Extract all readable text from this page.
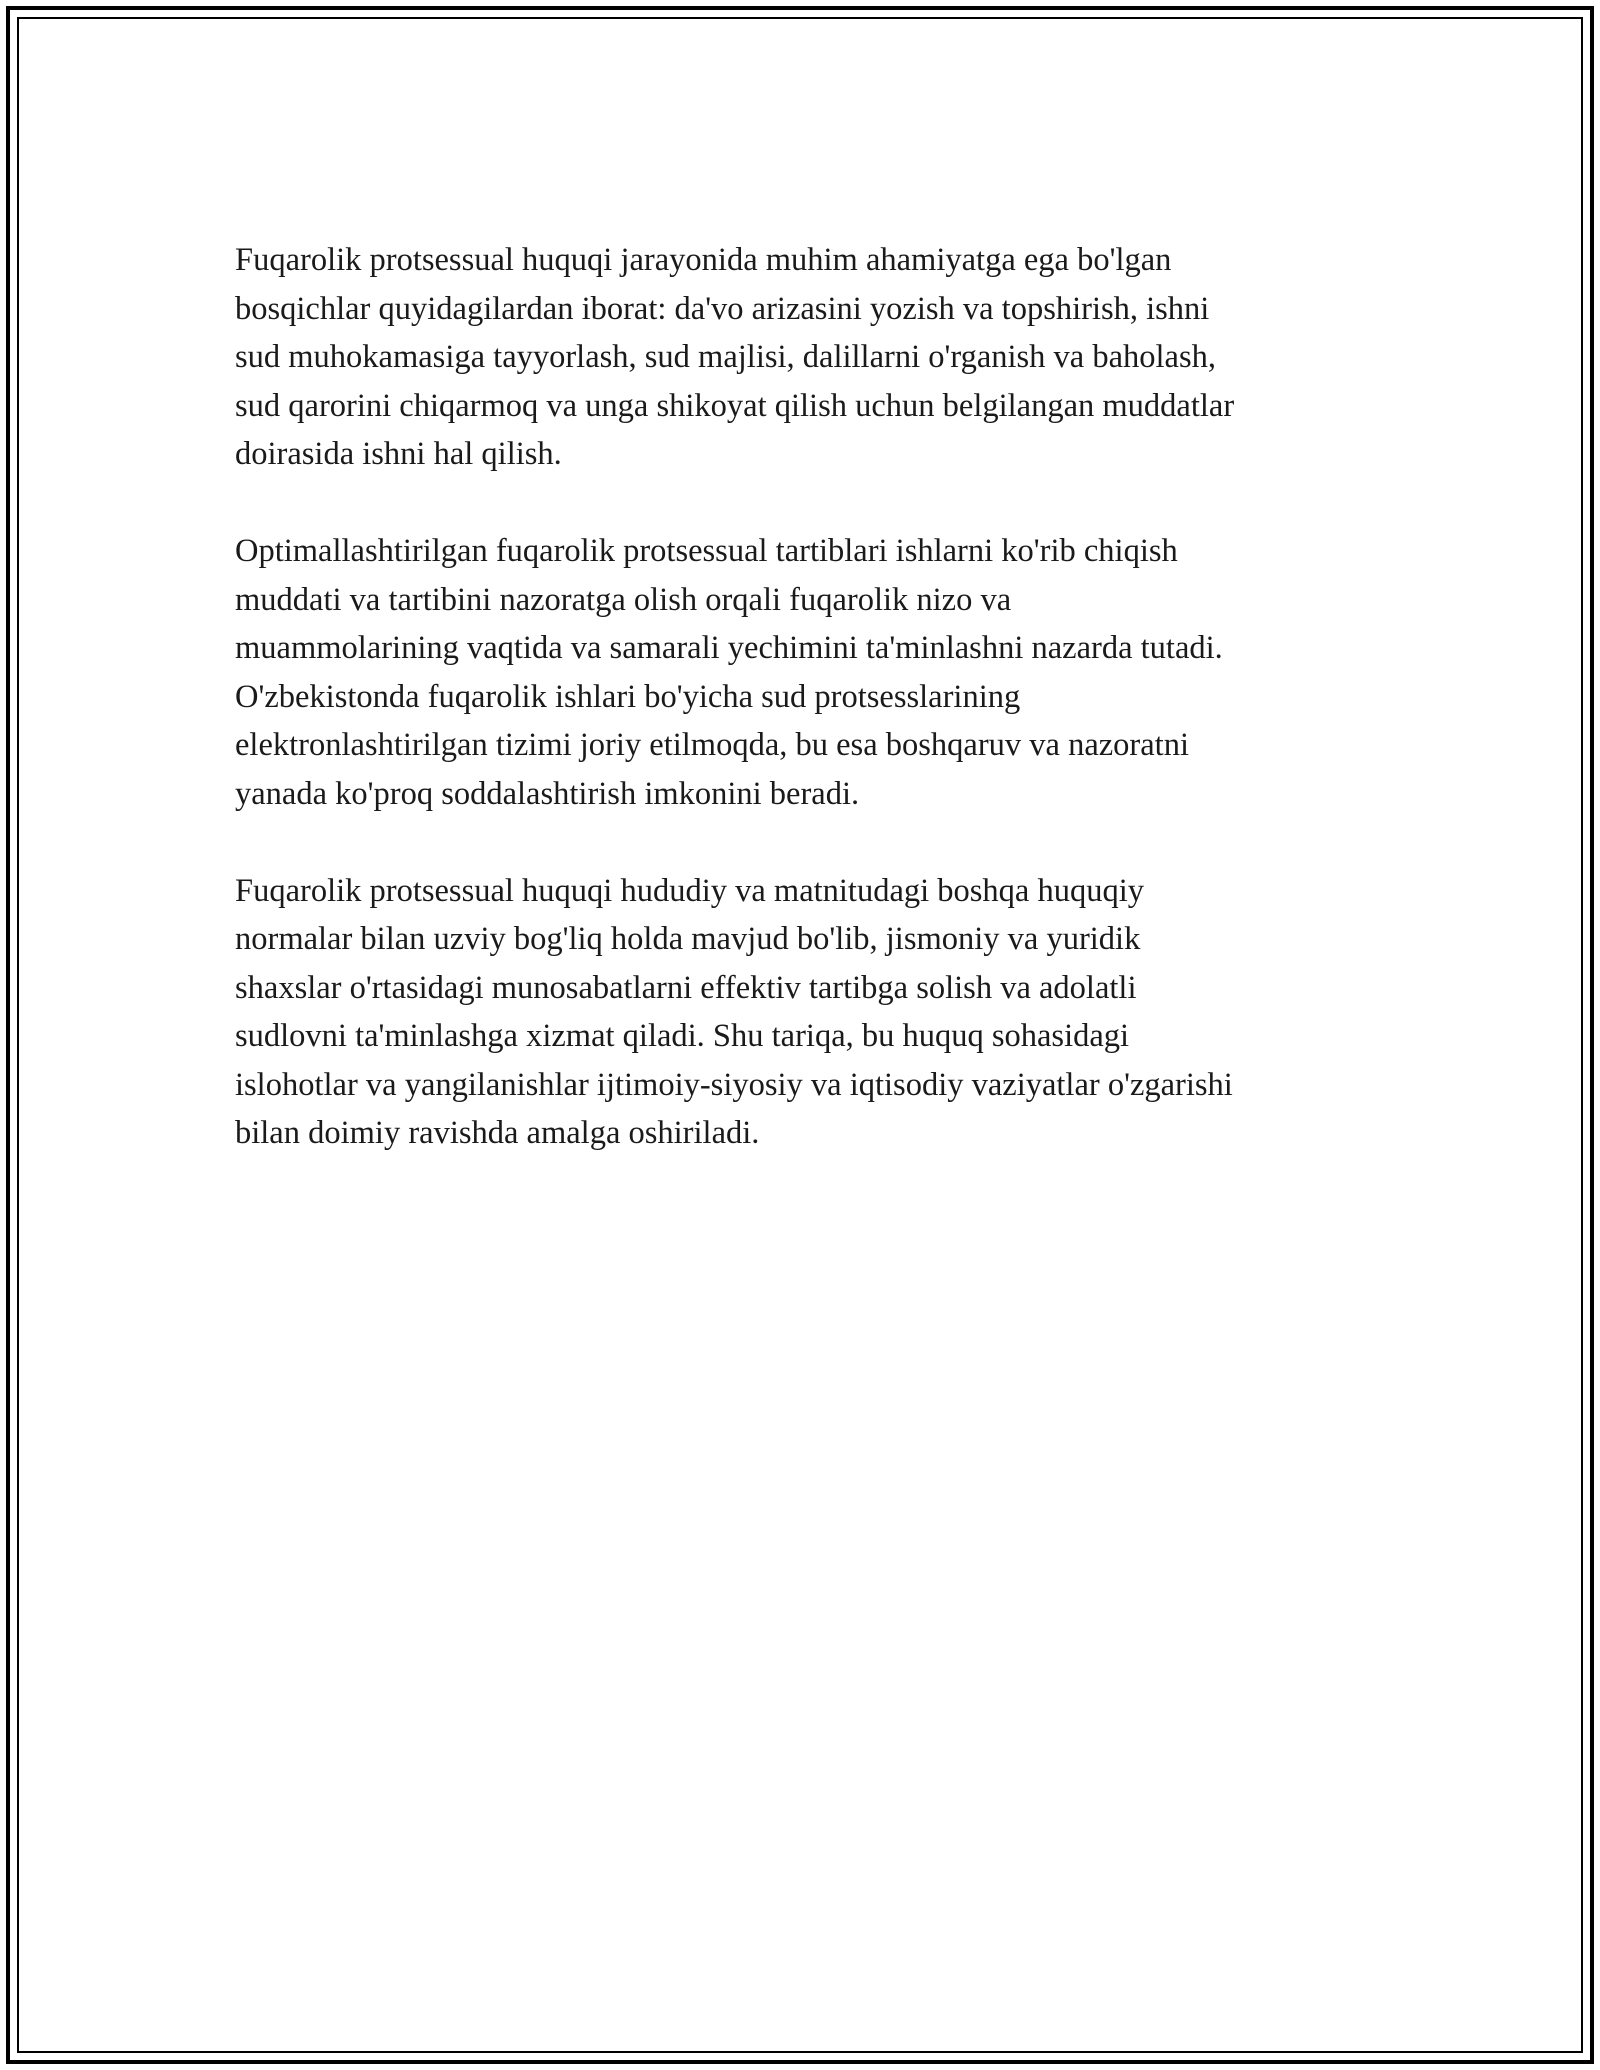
Fuqarolik protsessual huquqi jarayonida muhim ahamiyatga ega bo'lgan
bosqichlar quyidagilardan iborat: da'vo arizasini yozish va topshirish, ishni
sud muhokamasiga tayyorlash, sud majlisi, dalillarni o'rganish va baholash,
sud qarorini chiqarmoq va unga shikoyat qilish uchun belgilangan muddatlar
doirasida ishni hal qilish.

Optimallashtirilgan fuqarolik protsessual tartiblari ishlarni ko'rib chiqish
muddati va tartibini nazoratga olish orqali fuqarolik nizo va
muammolarining vaqtida va samarali yechimini ta'minlashni nazarda tutadi.
O'zbekistonda fuqarolik ishlari bo'yicha sud protsesslarining
elektronlashtirilgan tizimi joriy etilmoqda, bu esa boshqaruv va nazoratni
yanada ko'proq soddalashtirish imkonini beradi.

Fuqarolik protsessual huquqi hududiy va matnitudagi boshqa huquqiy
normalar bilan uzviy bog'liq holda mavjud bo'lib, jismoniy va yuridik
shaxslar o'rtasidagi munosabatlarni effektiv tartibga solish va adolatli
sudlovni ta'minlashga xizmat qiladi. Shu tariqa, bu huquq sohasidagi
islohotlar va yangilanishlar ijtimoiy-siyosiy va iqtisodiy vaziyatlar o'zgarishi
bilan doimiy ravishda amalga oshiriladi.
